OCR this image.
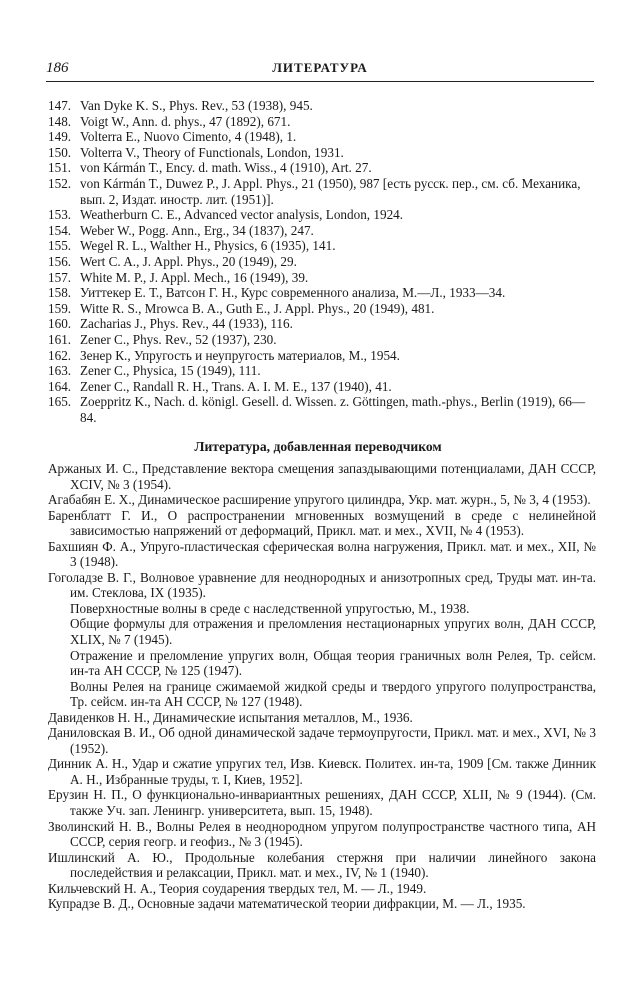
186	ЛИТЕРАТУРА
147. Van Dyke K. S., Phys. Rev., 53 (1938), 945.
148. Voigt W., Ann. d. phys., 47 (1892), 671.
149. Volterra E., Nuovo Cimento, 4 (1948), 1.
150. Volterra V., Theory of Functionals, London, 1931.
151. von Kármán T., Ency. d. math. Wiss., 4 (1910), Art. 27.
152. von Kármán T., Duwez P., J. Appl. Phys., 21 (1950), 987 [есть русск. пер., см. сб. Механика, вып. 2, Издат. иностр. лит. (1951)].
153. Weatherburn C. E., Advanced vector analysis, London, 1924.
154. Weber W., Pogg. Ann., Erg., 34 (1837), 247.
155. Wegel R. L., Walther H., Physics, 6 (1935), 141.
156. Wert C. A., J. Appl. Phys., 20 (1949), 29.
157. White M. P., J. Appl. Mech., 16 (1949), 39.
158. Уиттекер Е. Т., Ватсон Г. Н., Курс современного анализа, М.—Л., 1933—34.
159. Witte R. S., Mrowca B. A., Guth E., J. Appl. Phys., 20 (1949), 481.
160. Zacharias J., Phys. Rev., 44 (1933), 116.
161. Zener C., Phys. Rev., 52 (1937), 230.
162. Зенер К., Упругость и неупругость материалов, М., 1954.
163. Zener C., Physica, 15 (1949), 111.
164. Zener C., Randall R. H., Trans. A. I. M. E., 137 (1940), 41.
165. Zoeppritz K., Nach. d. königl. Gesell. d. Wissen. z. Göttingen, math.-phys., Berlin (1919), 66—84.
Литература, добавленная переводчиком
Аржаных И. С., Представление вектора смещения запаздывающими потенциалами, ДАН СССР, XCIV, № 3 (1954).
Агабабян Е. Х., Динамическое расширение упругого цилиндра, Укр. мат. журн., 5, № 3, 4 (1953).
Баренблатт Г. И., О распространении мгновенных возмущений в среде с нелинейной зависимостью напряжений от деформаций, Прикл. мат. и мех., XVII, № 4 (1953).
Бахшиян Ф. А., Упруго-пластическая сферическая волна нагружения, Прикл. мат. и мех., XII, № 3 (1948).
Гоголадзе В. Г., Волновое уравнение для неоднородных и анизотропных сред, Труды мат. ин-та. им. Стеклова, IX (1935).
Поверхностные волны в среде с наследственной упругостью, М., 1938.
Общие формулы для отражения и преломления нестационарных упругих волн, ДАН СССР, XLIX, № 7 (1945).
Отражение и преломление упругих волн, Общая теория граничных волн Релея, Тр. сейсм. ин-та АН СССР, № 125 (1947).
Волны Релея на границе сжимаемой жидкой среды и твердого упругого полупространства, Тр. сейсм. ин-та АН СССР, № 127 (1948).
Давиденков Н. Н., Динамические испытания металлов, М., 1936.
Даниловская В. И., Об одной динамической задаче термоупругости, Прикл. мат. и мех., XVI, № 3 (1952).
Динник А. Н., Удар и сжатие упругих тел, Изв. Киевск. Политех. ин-та, 1909 [См. также Динник А. Н., Избранные труды, т. I, Киев, 1952].
Ерузин Н. П., О функционально-инвариантных решениях, ДАН СССР, XLII, № 9 (1944). (См. также Уч. зап. Ленингр. университета, вып. 15, 1948).
Зволинский Н. В., Волны Релея в неоднородном упругом полупространстве частного типа, АН СССР, серия геогр. и геофиз., № 3 (1945).
Ишлинский А. Ю., Продольные колебания стержня при наличии линейного закона последействия и релаксации, Прикл. мат. и мех., IV, № 1 (1940).
Кильчевский Н. А., Теория соударения твердых тел, М. — Л., 1949.
Купрадзе В. Д., Основные задачи математической теории дифракции, М. — Л., 1935.
